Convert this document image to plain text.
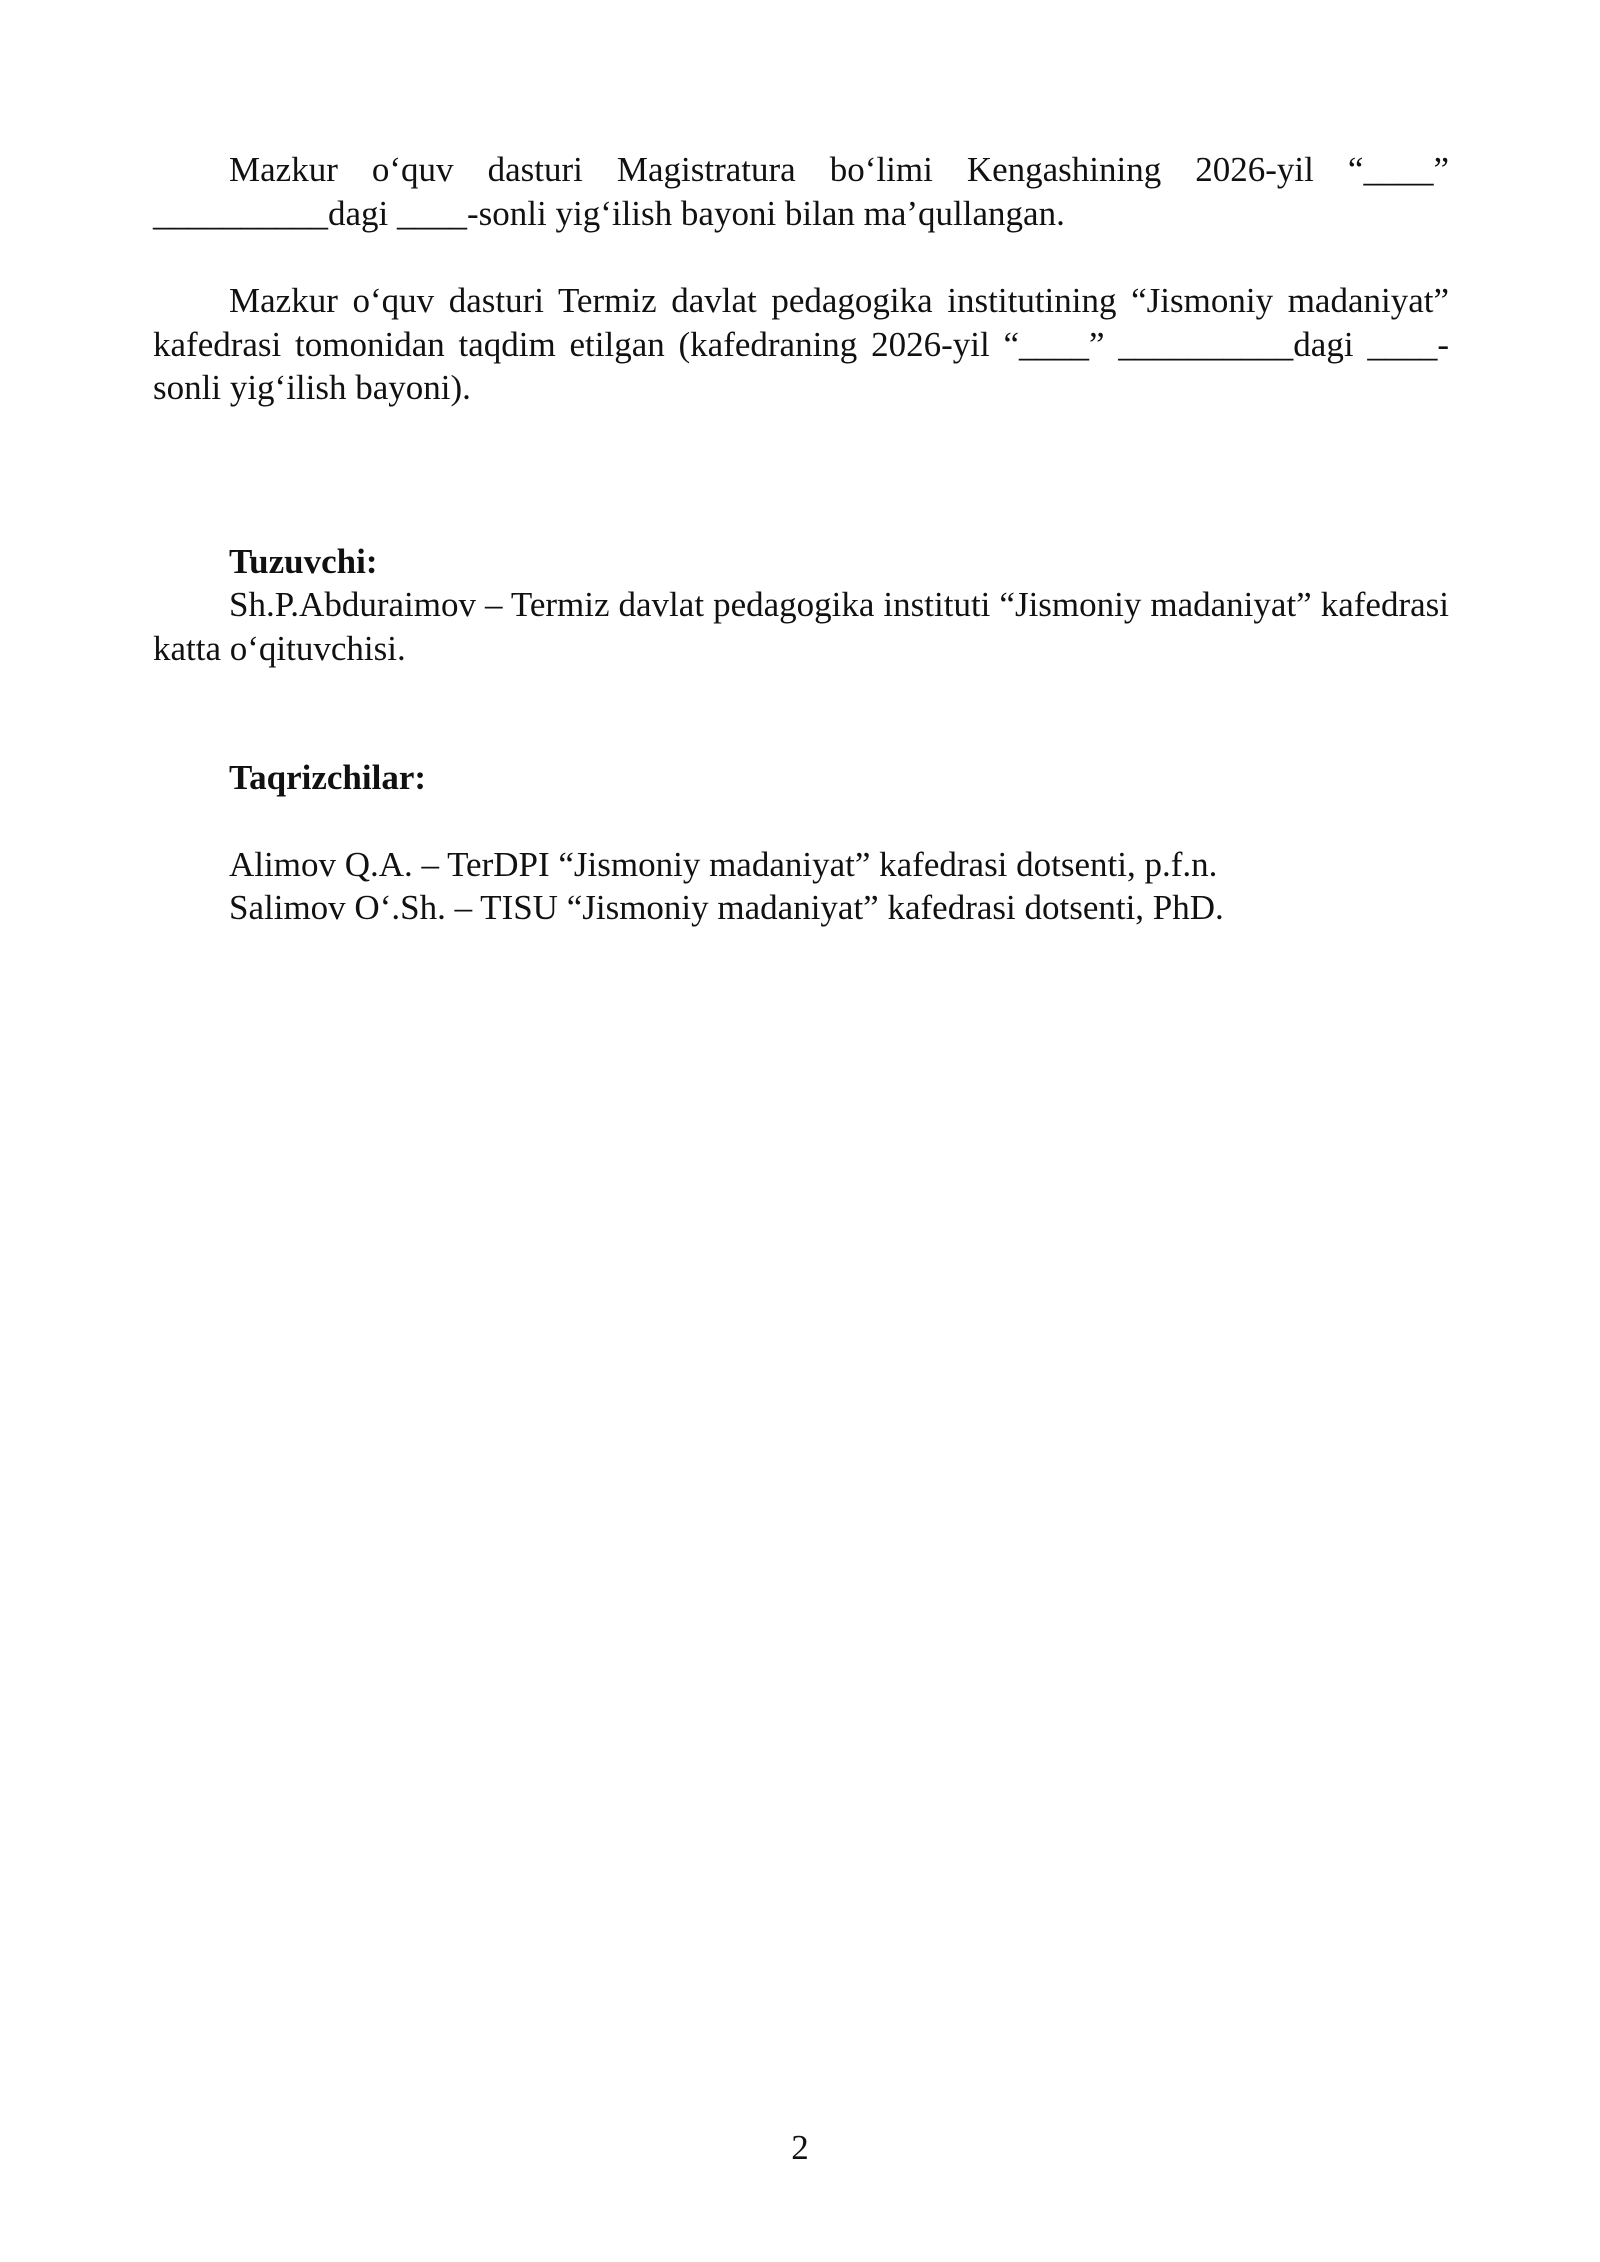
Mazkur o‘quv dasturi Magistratura bo‘limi Kengashining 2026-yil “____” __________dagi ____-sonli yig‘ilish bayoni bilan ma’qullangan.

Mazkur o‘quv dasturi Termiz davlat pedagogika institutining “Jismoniy madaniyat” kafedrasi tomonidan taqdim etilgan (kafedraning 2026-yil “____” __________dagi ____-sonli yig‘ilish bayoni).

Tuzuvchi:

Sh.P.Abduraimov – Termiz davlat pedagogika instituti “Jismoniy madaniyat” kafedrasi katta o‘qituvchisi.

Taqrizchilar:

Alimov Q.A. – TerDPI “Jismoniy madaniyat” kafedrasi dotsenti, p.f.n.

Salimov O‘.Sh. – TISU “Jismoniy madaniyat” kafedrasi dotsenti, PhD.

2
